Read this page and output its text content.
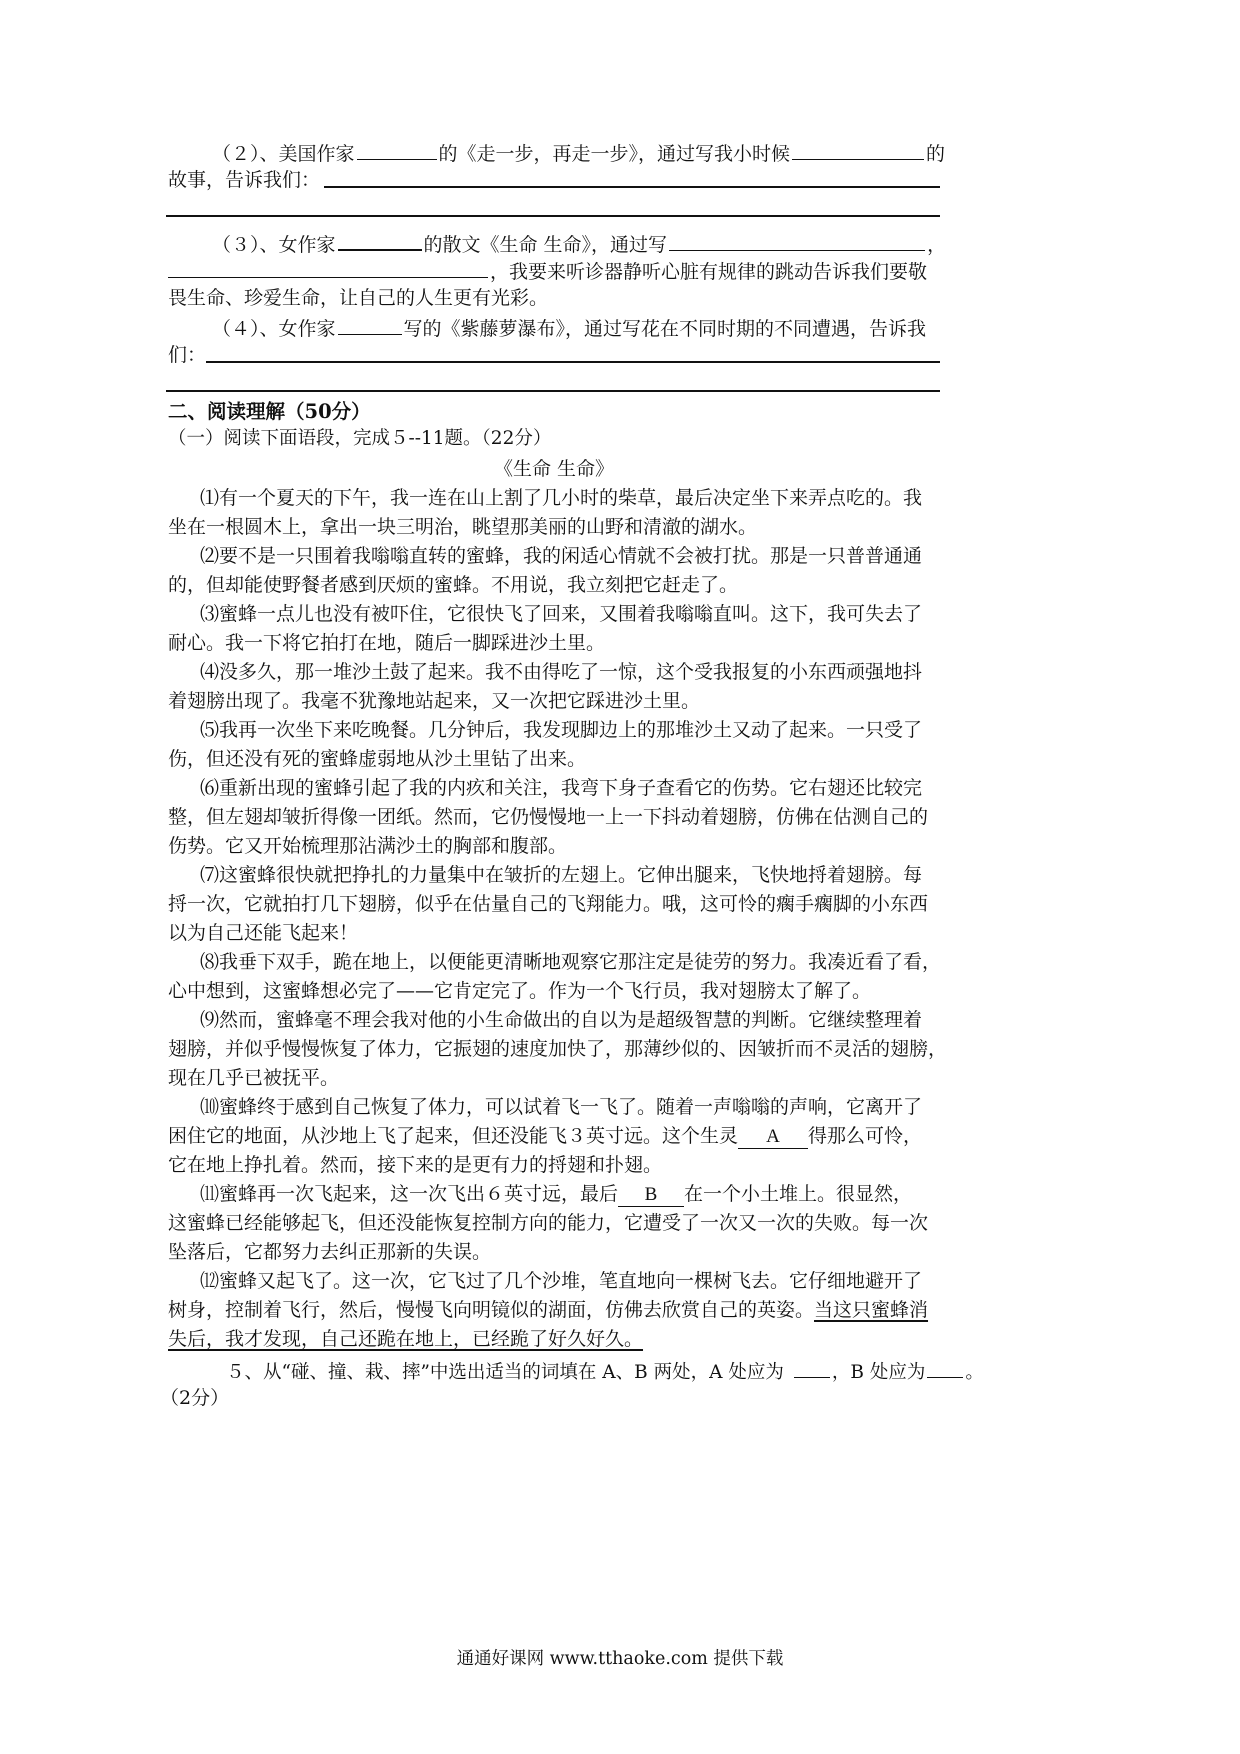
（２）、美国作家	的《走一步，再走一步》，通过写我小时候	的

故事，告诉我们：

（３）、女作家	的散文《生命 生命》，通过写	，

，我要来听诊器静听心脏有规律的跳动告诉我们要敬

畏生命、珍爱生命，让自己的人生更有光彩。

（４）、女作家	写的《紫藤萝瀑布》，通过写花在不同时期的不同遭遇，告诉我

们：

二、阅读理解（50分）

（一）阅读下面语段，完成５--11题。（22分）

《生命 生命》

⑴有一个夏天的下午，我一连在山上割了几小时的柴草，最后决定坐下来弄点吃的。我

坐在一根圆木上，拿出一块三明治，眺望那美丽的山野和清澈的湖水。

⑵要不是一只围着我嗡嗡直转的蜜蜂，我的闲适心情就不会被打扰。那是一只普普通通

的，但却能使野餐者感到厌烦的蜜蜂。不用说，我立刻把它赶走了。

⑶蜜蜂一点儿也没有被吓住，它很快飞了回来，又围着我嗡嗡直叫。这下，我可失去了

耐心。我一下将它拍打在地，随后一脚踩进沙土里。

⑷没多久，那一堆沙土鼓了起来。我不由得吃了一惊，这个受我报复的小东西顽强地抖

着翅膀出现了。我毫不犹豫地站起来，又一次把它踩进沙土里。

⑸我再一次坐下来吃晚餐。几分钟后，我发现脚边上的那堆沙土又动了起来。一只受了

伤，但还没有死的蜜蜂虚弱地从沙土里钻了出来。

⑹重新出现的蜜蜂引起了我的内疚和关注，我弯下身子查看它的伤势。它右翅还比较完

整，但左翅却皱折得像一团纸。然而，它仍慢慢地一上一下抖动着翅膀，仿佛在估测自己的

伤势。它又开始梳理那沾满沙土的胸部和腹部。

⑺这蜜蜂很快就把挣扎的力量集中在皱折的左翅上。它伸出腿来，飞快地捋着翅膀。每

捋一次，它就拍打几下翅膀，似乎在估量自己的飞翔能力。哦，这可怜的瘸手瘸脚的小东西

以为自己还能飞起来！

⑻我垂下双手，跪在地上，以便能更清晰地观察它那注定是徒劳的努力。我凑近看了看，

心中想到，这蜜蜂想必完了——它肯定完了。作为一个飞行员，我对翅膀太了解了。

⑼然而，蜜蜂毫不理会我对他的小生命做出的自以为是超级智慧的判断。它继续整理着

翅膀，并似乎慢慢恢复了体力，它振翅的速度加快了，那薄纱似的、因皱折而不灵活的翅膀，

现在几乎已被抚平。

⑽蜜蜂终于感到自己恢复了体力，可以试着飞一飞了。随着一声嗡嗡的声响，它离开了

困住它的地面，从沙地上飞了起来，但还没能飞３英寸远。这个生灵 A 得那么可怜，

它在地上挣扎着。然而，接下来的是更有力的捋翅和扑翅。

⑾蜜蜂再一次飞起来，这一次飞出６英寸远，最后 B 在一个小土堆上。很显然，

这蜜蜂已经能够起飞，但还没能恢复控制方向的能力，它遭受了一次又一次的失败。每一次

坠落后，它都努力去纠正那新的失误。

⑿蜜蜂又起飞了。这一次，它飞过了几个沙堆，笔直地向一棵树飞去。它仔细地避开了

树身，控制着飞行，然后，慢慢飞向明镜似的湖面，仿佛去欣赏自己的英姿。当这只蜜蜂消

失后，我才发现，自己还跪在地上，已经跪了好久好久。

５、从“碰、撞、栽、摔”中选出适当的词填在 A、B 两处，A 处应为	，B 处应为 。

（2分）

通通好课网 www.tthaoke.com 提供下载
